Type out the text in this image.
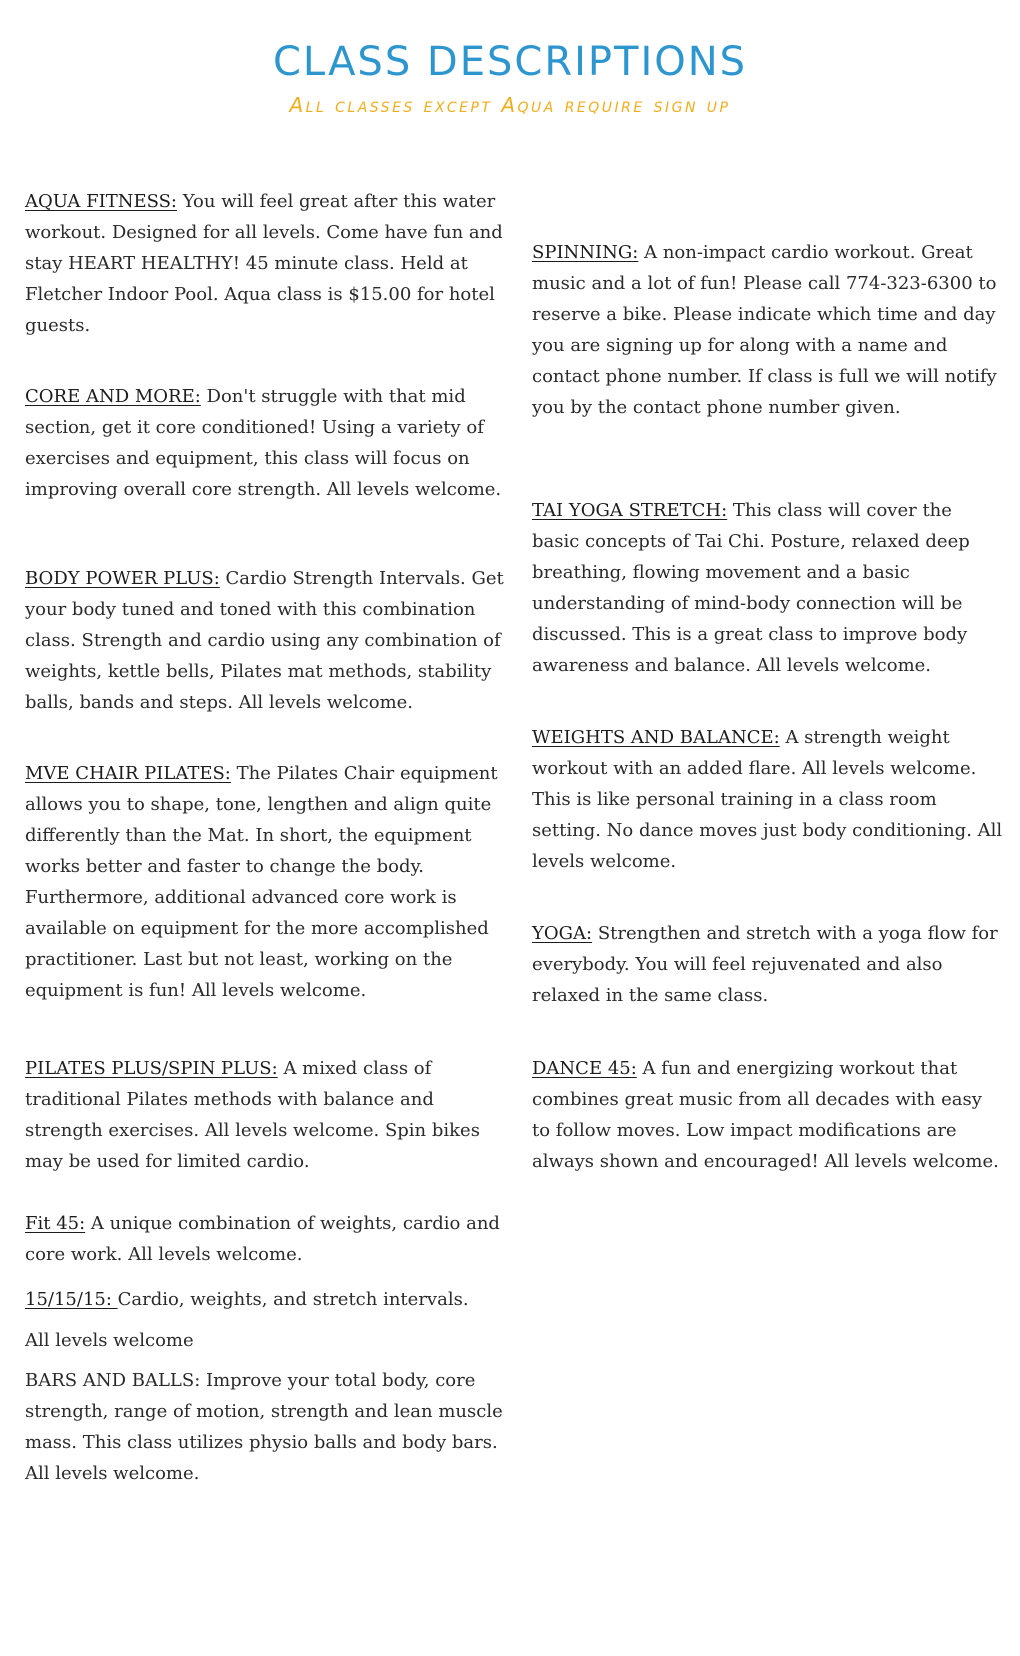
CLASS DESCRIPTIONS
All classes except Aqua require sign up

AQUA FITNESS: You will feel great after this water workout. Designed for all levels. Come have fun and stay HEART HEALTHY! 45 minute class. Held at Fletcher Indoor Pool. Aqua class is $15.00 for hotel guests.

CORE AND MORE: Don't struggle with that mid section, get it core conditioned! Using a variety of exercises and equipment, this class will focus on improving overall core strength. All levels welcome.

BODY POWER PLUS: Cardio Strength Intervals. Get your body tuned and toned with this combination class. Strength and cardio using any combination of weights, kettle bells, Pilates mat methods, stability balls, bands and steps. All levels welcome.

MVE CHAIR PILATES: The Pilates Chair equipment allows you to shape, tone, lengthen and align quite differently than the Mat. In short, the equipment works better and faster to change the body. Furthermore, additional advanced core work is available on equipment for the more accomplished practitioner. Last but not least, working on the equipment is fun! All levels welcome.

PILATES PLUS/SPIN PLUS: A mixed class of traditional Pilates methods with balance and strength exercises. All levels welcome. Spin bikes may be used for limited cardio.

Fit 45: A unique combination of weights, cardio and core work. All levels welcome.

15/15/15: Cardio, weights, and stretch intervals.

All levels welcome

BARS AND BALLS: Improve your total body, core strength, range of motion, strength and lean muscle mass. This class utilizes physio balls and body bars. All levels welcome.

SPINNING: A non-impact cardio workout. Great music and a lot of fun! Please call 774-323-6300 to reserve a bike. Please indicate which time and day you are signing up for along with a name and contact phone number. If class is full we will notify you by the contact phone number given.

TAI YOGA STRETCH: This class will cover the basic concepts of Tai Chi. Posture, relaxed deep breathing, flowing movement and a basic understanding of mind-body connection will be discussed. This is a great class to improve body awareness and balance. All levels welcome.

WEIGHTS AND BALANCE: A strength weight workout with an added flare. All levels welcome. This is like personal training in a class room setting. No dance moves just body conditioning. All levels welcome.

YOGA: Strengthen and stretch with a yoga flow for everybody. You will feel rejuvenated and also relaxed in the same class.

DANCE 45: A fun and energizing workout that combines great music from all decades with easy to follow moves. Low impact modifications are always shown and encouraged! All levels welcome.
